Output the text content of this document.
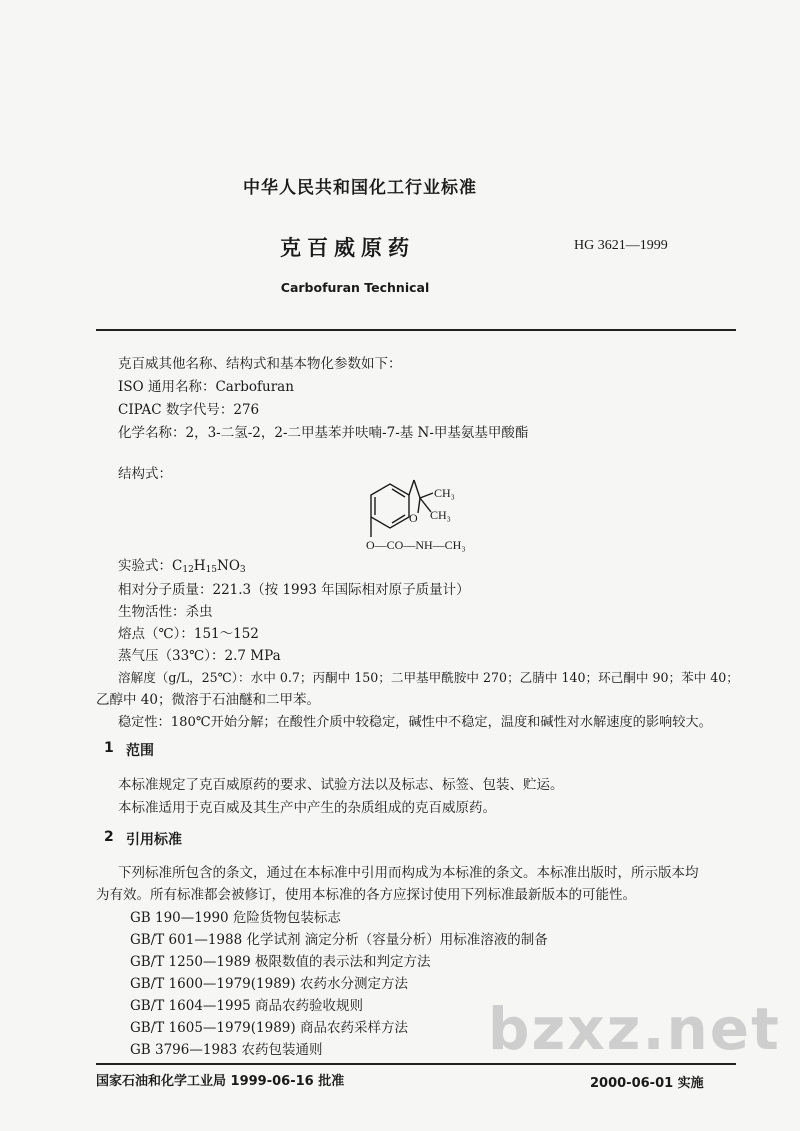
中华人民共和国化工行业标准
克百威原药	HG 3621—1999
Carbofuran Technical
克百威其他名称、结构式和基本物化参数如下：
ISO 通用名称：Carbofuran
CIPAC 数字代号：276
化学名称：2，3-二氢-2，2-二甲基苯并呋喃-7-基 N-甲基氨基甲酸酯
结构式：
CH₃
CH₃
O
O—CO—NH—CH₃
实验式：$C_{12}H_{15}NO_3$
相对分子质量：221.3（按 1993 年国际相对原子质量计）
生物活性：杀虫
熔点（℃）：151～152
蒸气压（33℃）：2.7 MPa
溶解度（g/L，25℃）：水中 0.7；丙酮中 150；二甲基甲酰胺中 270；乙腈中 140；环己酮中 90；苯中 40；
乙醇中 40；微溶于石油醚和二甲苯。
稳定性：180℃开始分解；在酸性介质中较稳定，碱性中不稳定，温度和碱性对水解速度的影响较大。
1 范围
本标准规定了克百威原药的要求、试验方法以及标志、标签、包装、贮运。
本标准适用于克百威及其生产中产生的杂质组成的克百威原药。
2 引用标准
下列标准所包含的条文，通过在本标准中引用而构成为本标准的条文。本标准出版时，所示版本均
为有效。所有标准都会被修订，使用本标准的各方应探讨使用下列标准最新版本的可能性。
GB 190—1990 危险货物包装标志
GB/T 601—1988 化学试剂 滴定分析（容量分析）用标准溶液的制备
GB/T 1250—1989 极限数值的表示法和判定方法
GB/T 1600—1979(1989) 农药水分测定方法
GB/T 1604—1995 商品农药验收规则
GB/T 1605—1979(1989) 商品农药采样方法
GB 3796—1983 农药包装通则	bzxz.net
国家石油和化学工业局 1999-06-16 批准	2000-06-01 实施
